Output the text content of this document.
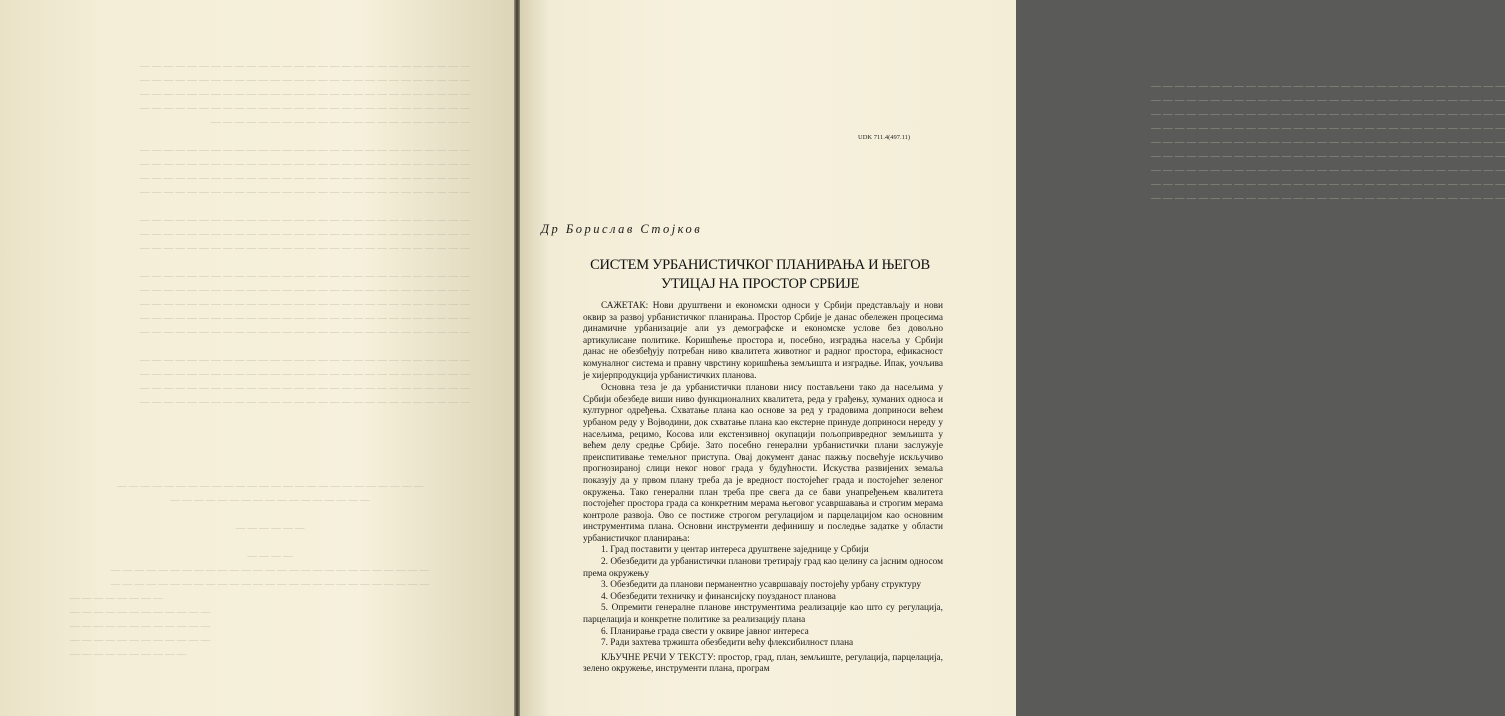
— — — — — — — — — — — — — — — — — — — — — — — — — — — —
— — — — — — — — — — — — — — — — — — — — — — — — — — — —
— — — — — — — — — — — — — — — — — — — — — — — — — — — —
— — — — — — — — — — — — — — — — — — — — — — — — — — — —
— — — — — — — — — — — — — — — — — — — — — —

— — — — — — — — — — — — — — — — — — — — — — — — — — — —
— — — — — — — — — — — — — — — — — — — — — — — — — — — —
— — — — — — — — — — — — — — — — — — — — — — — — — — — —
— — — — — — — — — — — — — — — — — — — — — — — — — — — —

— — — — — — — — — — — — — — — — — — — — — — — — — — — —
— — — — — — — — — — — — — — — — — — — — — — — — — — — —
— — — — — — — — — — — — — — — — — — — — — — — — — — — —

— — — — — — — — — — — — — — — — — — — — — — — — — — — —
— — — — — — — — — — — — — — — — — — — — — — — — — — — —
— — — — — — — — — — — — — — — — — — — — — — — — — — — —
— — — — — — — — — — — — — — — — — — — — — — — — — — — —
— — — — — — — — — — — — — — — — — — — — — — — — — — — —

— — — — — — — — — — — — — — — — — — — — — — — — — — — —
— — — — — — — — — — — — — — — — — — — — — — — — — — — —
— — — — — — — — — — — — — — — — — — — — — — — — — — — —
— — — — — — — — — — — — — — — — — — — — — — — — — — — —
— — — — — — — — — — — — — — — — — — — — — — — — — —
— — — — — — — — — — — — — — — — —

— — — — — —

— — — —
— — — — — — — — — — — — — — — — — — — — — — — — — — —
— — — — — — — — — — — — — — — — — — — — — — — — — — —
— — — — — — — —
— — — — — — — — — — — —
— — — — — — — — — — — —
— — — — — — — — — — — —
— — — — — — — — — —
— — — — — — — — — — — — — — — — — — — — — — — — — — — — — —
— — — — — — — — — — — — — — — — — — — — — — — — — — — — — —
— — — — — — — — — — — — — — — — — — — — — — — — — — — — — —
— — — — — — — — — — — — — — — — — — — — — — — — — — — — — —
— — — — — — — — — — — — — — — — — — — — — — — — — — — — — —
— — — — — — — — — — — — — — — — — — — — — — — — — — — — — —
— — — — — — — — — — — — — — — — — — — — — — — — — — — — — —
— — — — — — — — — — — — — — — — — — — — — — — — — — — — — —
— — — — — — — — — — — — — — — — — — — — — — — — — — — — — —
UDK 711.4(497.11)
Др Борислав Стојков
СИСТЕМ УРБАНИСТИЧКОГ ПЛАНИРАЊА И ЊЕГОВ
УТИЦАЈ НА ПРОСТОР СРБИЈЕ

САЖЕТАК: Нови друштвени и економски односи у Србији представљају и нови оквир за развој урбанистичког планирања. Простор Србије је данас обележен процесима динамичне урбанизације али уз демографске и економске услове без довољно артикулисане политике. Коришћење простора и, посебно, изградња насеља у Србији данас не обезбеђују потребан ниво квалитета животног и радног простора, ефикасност комуналног система и правну чврстину коришћења земљишта и изградње. Ипак, уочљива је хијерпродукција урбанистичких планова.

Основна теза је да урбанистички планови нису постављени тако да насељима у Србији обезбеде виши ниво функционалних квалитета, реда у грађењу, хуманих односа и културног одређења. Схватање плана као основе за ред у градовима доприноси већем урбаном реду у Војводини, док схватање плана као екстерне принуде доприноси нереду у насељима, рецимо, Косова или екстензивној окупацији пољопривредног земљишта у већем делу средње Србије. Зато посебно генерални урбанистички плани заслужује преиспитивање темељног приступа. Овај документ данас пажњу посвећује искључиво прогнозираној слици неког новог града у будућности. Искуства развијених земаља показују да у првом плану треба да је вредност постојећег града и постојећег зеленог окружења. Тако генерални план треба пре свега да се бави унапређењем квалитета постојећег простора града са конкретним мерама његовог усавршавања и строгим мерама контроле развоја. Ово се постиже строгом регулацијом и парцелацијом као основним инструментима плана. Основни инструменти дефинишу и последње задатке у области урбанистичког планирања:

1. Град поставити у центар интереса друштвене заједнице у Србији
2. Обезбедити да урбанистички планови третирају град као целину са јасним односом према окружењу
3. Обезбедити да планови перманентно усавршавају постојећу урбану структуру
4. Обезбедити техничку и финансијску поузданост планова
5. Опремити генералне планове инструментима реализације као што су регулација, парцелација и конкретне политике за реализацију плана
6. Планирање града свести у оквире јавног интереса
7. Ради захтева тржишта обезбедити већу флексибилност плана

КЉУЧНЕ РЕЧИ У ТЕКСТУ: простор, град, план, земљиште, регулација, парцелација, зелено окружење, инструменти плана, програм
